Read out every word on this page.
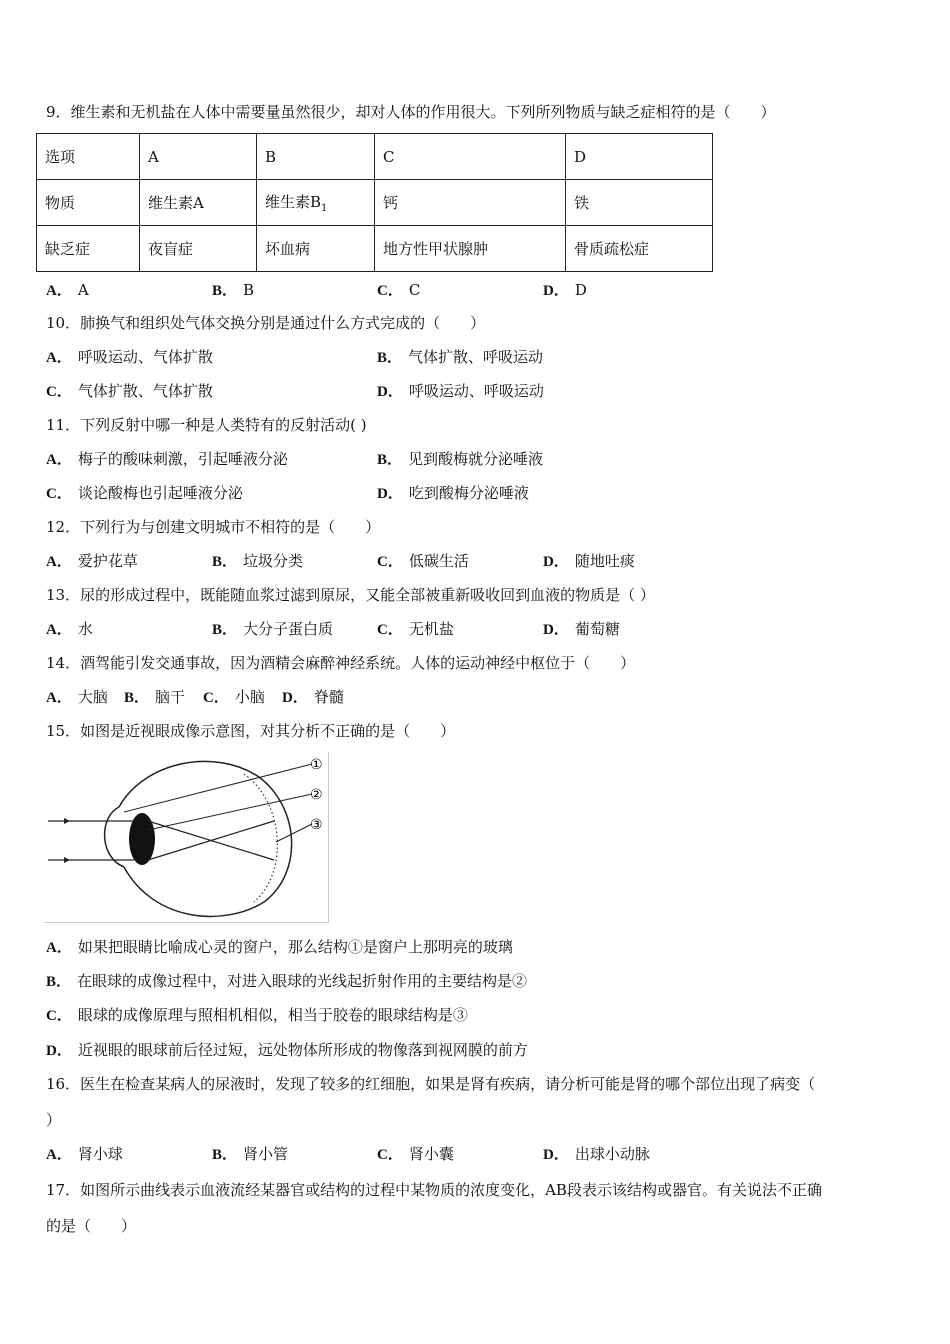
9．维生素和无机盐在人体中需要量虽然很少，却对人体的作用很大。下列所列物质与缺乏症相符的是（　　）
选项	A	B	C	D
物质	维生素A	维生素$B_1$	钙	铁
缺乏症	夜盲症	坏血病	地方性甲状腺肿	骨质疏松症
A． A	B． B	C． C	D． D
10．肺换气和组织处气体交换分别是通过什么方式完成的（　　）
A． 呼吸运动、气体扩散	B． 气体扩散、呼吸运动
C． 气体扩散、气体扩散	D． 呼吸运动、呼吸运动
11．下列反射中哪一种是人类特有的反射活动( )
A． 梅子的酸味刺激，引起唾液分泌	B． 见到酸梅就分泌唾液
C． 谈论酸梅也引起唾液分泌	D． 吃到酸梅分泌唾液
12．下列行为与创建文明城市不相符的是（　　）
A． 爱护花草	B． 垃圾分类	C． 低碳生活	D． 随地吐痰
13．尿的形成过程中，既能随血浆过滤到原尿，又能全部被重新吸收回到血液的物质是（ ）
A． 水	B． 大分子蛋白质	C． 无机盐	D． 葡萄糖
14．酒驾能引发交通事故，因为酒精会麻醉神经系统。人体的运动神经中枢位于（　　）
A． 大脑 B． 脑干 C． 小脑 D． 脊髓
15．如图是近视眼成像示意图，对其分析不正确的是（　　）
①
②
③
A． 如果把眼睛比喻成心灵的窗户，那么结构①是窗户上那明亮的玻璃
B． 在眼球的成像过程中，对进入眼球的光线起折射作用的主要结构是②
C． 眼球的成像原理与照相机相似，相当于胶卷的眼球结构是③
D． 近视眼的眼球前后径过短，远处物体所形成的物像落到视网膜的前方
16．医生在检查某病人的尿液时，发现了较多的红细胞，如果是肾有疾病，请分析可能是肾的哪个部位出现了病变（
）
A． 肾小球	B． 肾小管	C． 肾小囊	D． 出球小动脉
17．如图所示曲线表示血液流经某器官或结构的过程中某物质的浓度变化，AB段表示该结构或器官。有关说法不正确
的是（　　）
